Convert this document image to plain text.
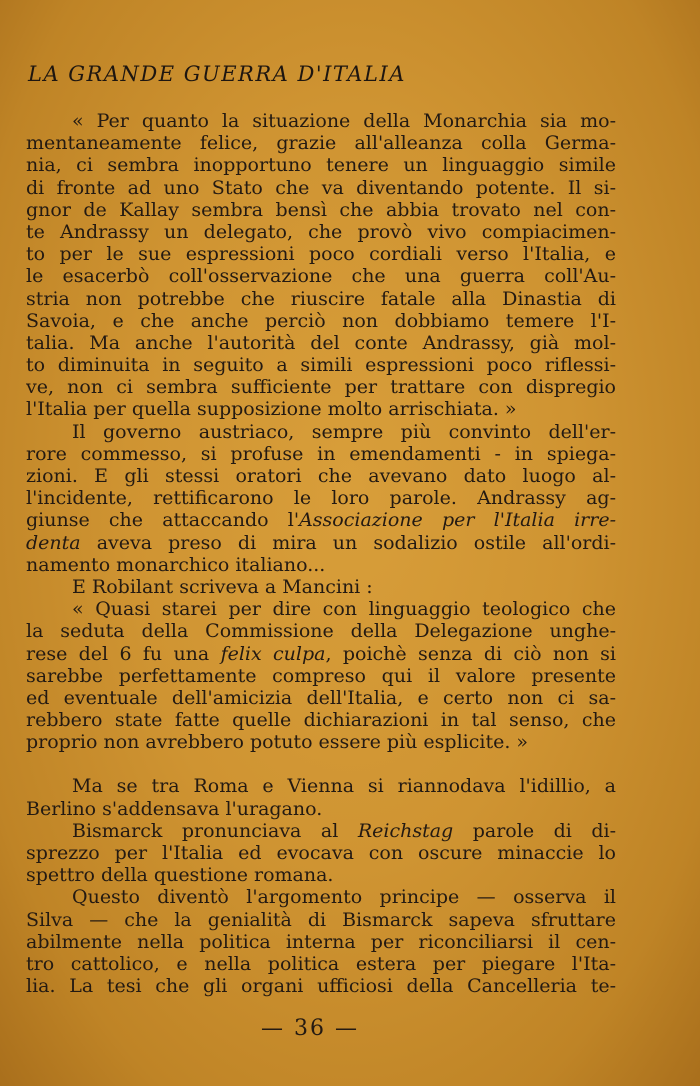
LA GRANDE GUERRA D'ITALIA
« Per quanto la situazione della Monarchia sia mo-
mentaneamente felice, grazie all'alleanza colla Germa-
nia, ci sembra inopportuno tenere un linguaggio simile
di fronte ad uno Stato che va diventando potente. Il si-
gnor de Kallay sembra bensì che abbia trovato nel con-
te Andrassy un delegato, che provò vivo compiacimen-
to per le sue espressioni poco cordiali verso l'Italia, e
le esacerbò coll'osservazione che una guerra coll'Au-
stria non potrebbe che riuscire fatale alla Dinastia di
Savoia, e che anche perciò non dobbiamo temere l'I-
talia. Ma anche l'autorità del conte Andrassy, già mol-
to diminuita in seguito a simili espressioni poco riflessi-
ve, non ci sembra sufficiente per trattare con dispregio
l'Italia per quella supposizione molto arrischiata. »
Il governo austriaco, sempre più convinto dell'er-
rore commesso, si profuse in emendamenti - in spiega-
zioni. E gli stessi oratori che avevano dato luogo al-
l'incidente, rettificarono le loro parole. Andrassy ag-
giunse che attaccando l'Associazione per l'Italia irre-
denta aveva preso di mira un sodalizio ostile all'ordi-
namento monarchico italiano...
E Robilant scriveva a Mancini :
« Quasi starei per dire con linguaggio teologico che
la seduta della Commissione della Delegazione unghe-
rese del 6 fu una felix culpa, poichè senza di ciò non si
sarebbe perfettamente compreso qui il valore presente
ed eventuale dell'amicizia dell'Italia, e certo non ci sa-
rebbero state fatte quelle dichiarazioni in tal senso, che
proprio non avrebbero potuto essere più esplicite. »
Ma se tra Roma e Vienna si riannodava l'idillio, a
Berlino s'addensava l'uragano.
Bismarck pronunciava al Reichstag parole di di-
sprezzo per l'Italia ed evocava con oscure minaccie lo
spettro della questione romana.
Questo diventò l'argomento principe — osserva il
Silva — che la genialità di Bismarck sapeva sfruttare
abilmente nella politica interna per riconciliarsi il cen-
tro cattolico, e nella politica estera per piegare l'Ita-
lia. La tesi che gli organi ufficiosi della Cancelleria te-
— 36 —
